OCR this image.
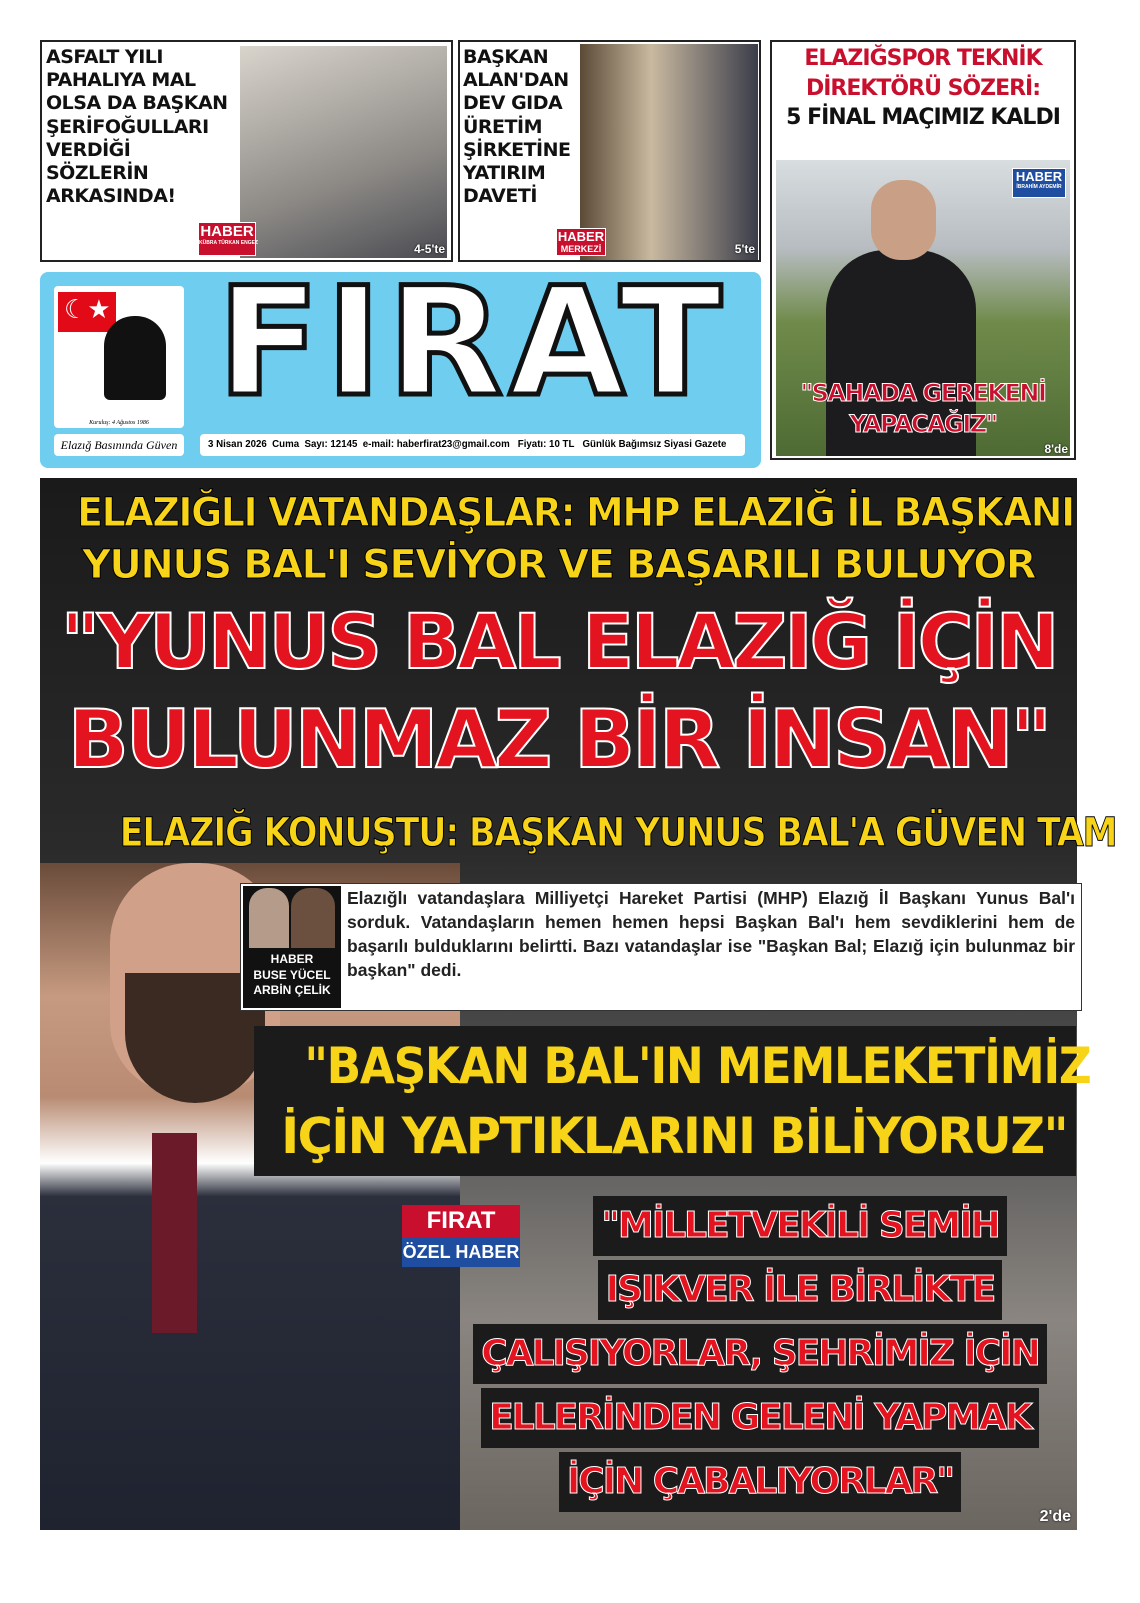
ASFALT YILI
PAHALIYA MAL
OLSA DA BAŞKAN
ŞERİFOĞULLARI
VERDİĞİ
SÖZLERİN
ARKASINDA!
HABER
KÜBRA TÜRKAN ENGEZ	4-5'te
BAŞKAN
ALAN'DAN
DEV GIDA
ÜRETİM
ŞİRKETİNE
YATIRIM
DAVETİ
HABER
MERKEZİ	5'te
ELAZIĞSPOR TEKNİK
DİREKTÖRÜ SÖZERİ:
5 FİNAL MAÇIMIZ KALDI
HABER
İBRAHİM AYDEMİR
"SAHADA GEREKENİ
YAPACAĞIZ"
8'de
☾★
Kuruluş: 4 Ağustos 1986 FIRAT
Elazığ Basınında Güven	3 Nisan 2026 Cuma Sayı: 12145 e-mail: haberfirat23@gmail.com Fiyatı: 10 TL Günlük Bağımsız Siyasi Gazete
ELAZIĞLI VATANDAŞLAR: MHP ELAZIĞ İL BAŞKANI
YUNUS BAL'I SEVİYOR VE BAŞARILI BULUYOR
"YUNUS BAL ELAZIĞ İÇİN
BULUNMAZ BİR İNSAN"
ELAZIĞ KONUŞTU: BAŞKAN YUNUS BAL'A GÜVEN TAM
HABER
BUSE YÜCEL
ARBİN ÇELİK
Elazığlı vatandaşlara Milliyetçi Hareket Partisi (MHP) Elazığ İl Başkanı Yunus Bal'ı sorduk. Vatandaşların hemen hemen hepsi Başkan Bal'ı hem sevdiklerini hem de başarılı bulduklarını belirtti. Bazı vatandaşlar ise "Başkan Bal; Elazığ için bulunmaz bir başkan" dedi.
"BAŞKAN BAL'IN MEMLEKETİMİZ
İÇİN YAPTIKLARINI BİLİYORUZ"
FIRAT
ÖZEL HABER
"MİLLETVEKİLİ SEMİH
IŞIKVER İLE BİRLİKTE
ÇALIŞIYORLAR, ŞEHRİMİZ İÇİN
ELLERİNDEN GELENİ YAPMAK
İÇİN ÇABALIYORLAR"
2'de
